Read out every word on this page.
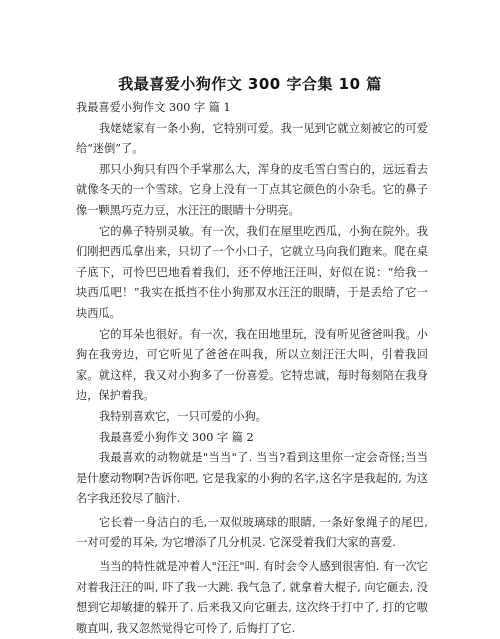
我最喜爱小狗作文 300 字合集 10 篇

我最喜爱小狗作文 300 字 篇 1

我姥姥家有一条小狗，它特别可爱。我一见到它就立刻被它的可爱给“迷倒”了。

那只小狗只有四个手掌那么大，浑身的皮毛雪白雪白的，远远看去就像冬天的一个雪球。它身上没有一丁点其它颜色的小杂毛。它的鼻子像一颗黑巧克力豆，水汪汪的眼睛十分明亮。

它的鼻子特别灵敏。有一次，我们在屋里吃西瓜，小狗在院外。我们刚把西瓜拿出来，只切了一个小口子，它就立马向我们跑来。爬在桌子底下，可怜巴巴地看着我们，还不停地汪汪叫，好似在说：“给我一块西瓜吧！”我实在抵挡不住小狗那双水汪汪的眼睛，于是丢给了它一块西瓜。

它的耳朵也很好。有一次，我在田地里玩，没有听见爸爸叫我。小狗在我旁边，可它听见了爸爸在叫我，所以立刻汪汪大叫，引着我回家。就这样，我又对小狗多了一份喜爱。它特忠诚，每时每刻陪在我身边，保护着我。

我特别喜欢它，一只可爱的小狗。

我最喜爱小狗作文 300 字 篇 2

我最喜欢的动物就是"当当"了. 当当?看到这里你一定会奇怪;当当是什麽动物啊?告诉你吧, 它是我家的小狗的名字,这名字是我起的, 为这名字我还狡尽了脑汁.

它长着一身洁白的毛,一双似玻璃球的眼睛, 一条好象绳子的尾巴, 一对可爱的耳朵, 为它增添了几分机灵. 它深受着我们大家的喜爱.

当当的特性就是冲着人"汪汪"叫. 有时会令人感到很害怕. 有一次它对着我汪汪的叫, 吓了我一大跳. 我气急了, 就拿着大棍子, 向它砸去, 没想到它却敏捷的躲开了. 后来我又向它砸去, 这次终于打中了, 打的它嗷嗷直叫, 我又忽然觉得它可怜了, 后悔打了它.
